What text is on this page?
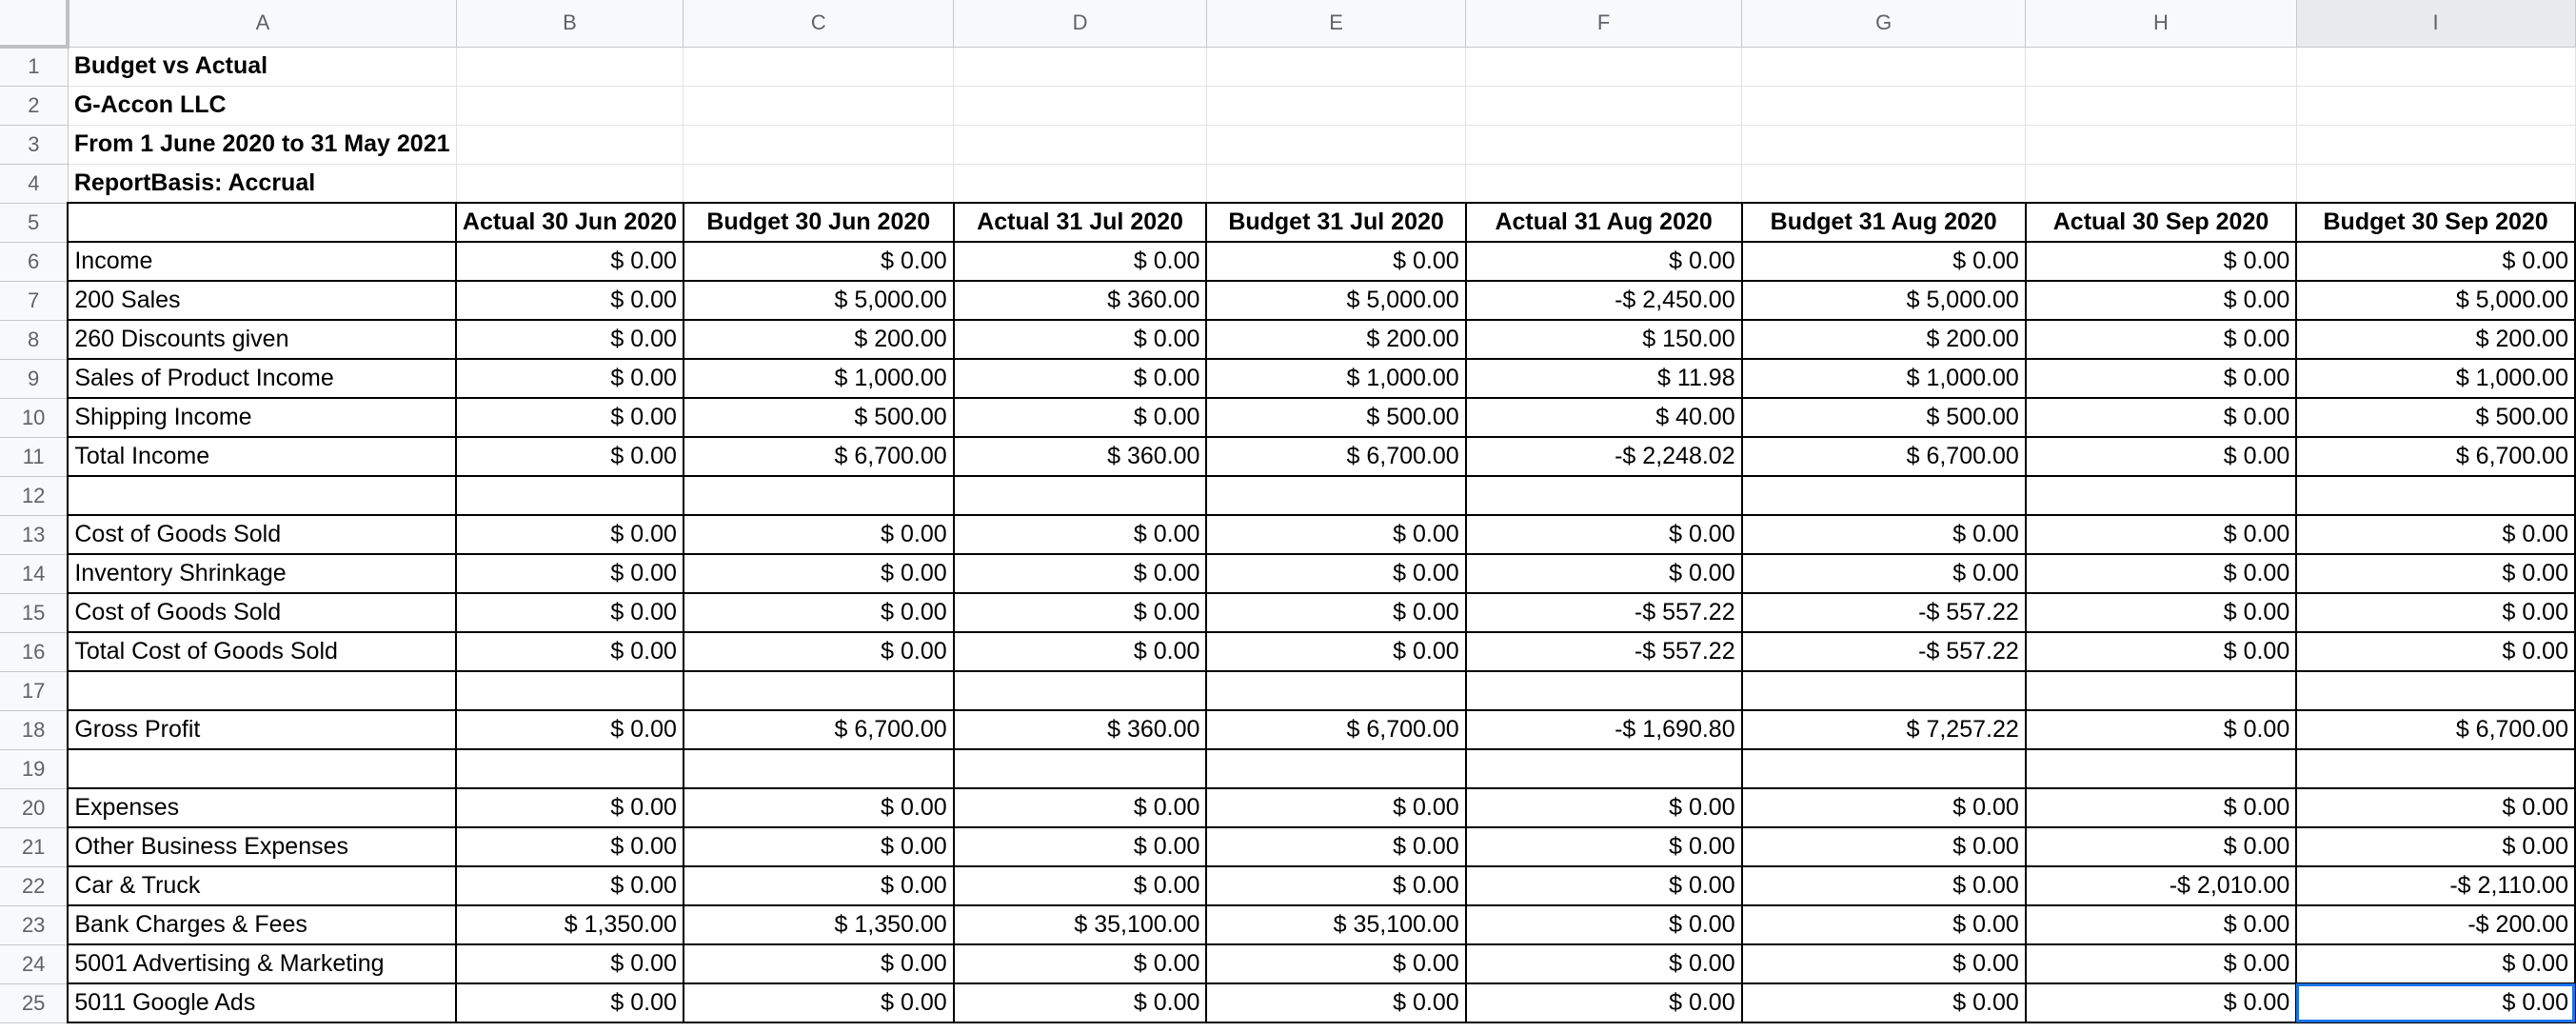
	A	B	C	D	E	F	G	H	I
1	Budget vs Actual								
2	G-Accon LLC								
3	From 1 June 2020 to 31 May 2021								
4	ReportBasis: Accrual								
5		Actual 30 Jun 2020	Budget 30 Jun 2020	Actual 31 Jul 2020	Budget 31 Jul 2020	Actual 31 Aug 2020	Budget 31 Aug 2020	Actual 30 Sep 2020	Budget 30 Sep 2020
6	Income	$ 0.00	$ 0.00	$ 0.00	$ 0.00	$ 0.00	$ 0.00	$ 0.00	$ 0.00
7	200 Sales	$ 0.00	$ 5,000.00	$ 360.00	$ 5,000.00	-$ 2,450.00	$ 5,000.00	$ 0.00	$ 5,000.00
8	260 Discounts given	$ 0.00	$ 200.00	$ 0.00	$ 200.00	$ 150.00	$ 200.00	$ 0.00	$ 200.00
9	Sales of Product Income	$ 0.00	$ 1,000.00	$ 0.00	$ 1,000.00	$ 11.98	$ 1,000.00	$ 0.00	$ 1,000.00
10	Shipping Income	$ 0.00	$ 500.00	$ 0.00	$ 500.00	$ 40.00	$ 500.00	$ 0.00	$ 500.00
11	Total Income	$ 0.00	$ 6,700.00	$ 360.00	$ 6,700.00	-$ 2,248.02	$ 6,700.00	$ 0.00	$ 6,700.00
12									
13	Cost of Goods Sold	$ 0.00	$ 0.00	$ 0.00	$ 0.00	$ 0.00	$ 0.00	$ 0.00	$ 0.00
14	Inventory Shrinkage	$ 0.00	$ 0.00	$ 0.00	$ 0.00	$ 0.00	$ 0.00	$ 0.00	$ 0.00
15	Cost of Goods Sold	$ 0.00	$ 0.00	$ 0.00	$ 0.00	-$ 557.22	-$ 557.22	$ 0.00	$ 0.00
16	Total Cost of Goods Sold	$ 0.00	$ 0.00	$ 0.00	$ 0.00	-$ 557.22	-$ 557.22	$ 0.00	$ 0.00
17									
18	Gross Profit	$ 0.00	$ 6,700.00	$ 360.00	$ 6,700.00	-$ 1,690.80	$ 7,257.22	$ 0.00	$ 6,700.00
19									
20	Expenses	$ 0.00	$ 0.00	$ 0.00	$ 0.00	$ 0.00	$ 0.00	$ 0.00	$ 0.00
21	Other Business Expenses	$ 0.00	$ 0.00	$ 0.00	$ 0.00	$ 0.00	$ 0.00	$ 0.00	$ 0.00
22	Car & Truck	$ 0.00	$ 0.00	$ 0.00	$ 0.00	$ 0.00	$ 0.00	-$ 2,010.00	-$ 2,110.00
23	Bank Charges & Fees	$ 1,350.00	$ 1,350.00	$ 35,100.00	$ 35,100.00	$ 0.00	$ 0.00	$ 0.00	-$ 200.00
24	5001 Advertising & Marketing	$ 0.00	$ 0.00	$ 0.00	$ 0.00	$ 0.00	$ 0.00	$ 0.00	$ 0.00
25	5011 Google Ads	$ 0.00	$ 0.00	$ 0.00	$ 0.00	$ 0.00	$ 0.00	$ 0.00	$ 0.00
